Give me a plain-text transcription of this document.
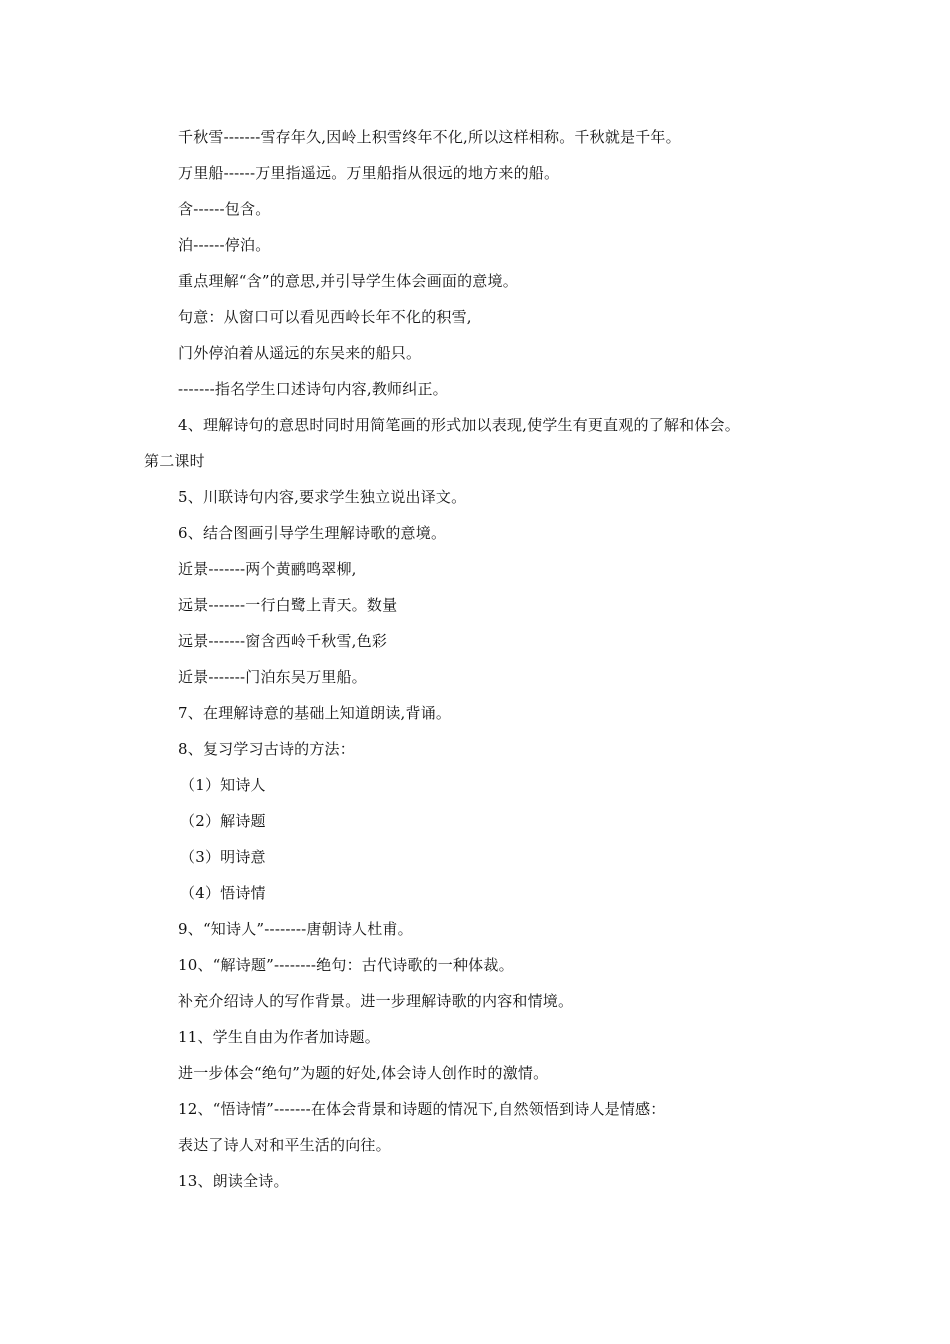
千秋雪-------雪存年久,因岭上积雪终年不化,所以这样相称。千秋就是千年。
万里船------万里指遥远。万里船指从很远的地方来的船。
含------包含。
泊------停泊。
重点理解“含”的意思,并引导学生体会画面的意境。
句意：从窗口可以看见西岭长年不化的积雪,
门外停泊着从遥远的东吴来的船只。
-------指名学生口述诗句内容,教师纠正。
4、理解诗句的意思时同时用简笔画的形式加以表现,使学生有更直观的了解和体会。
第二课时
5、川联诗句内容,要求学生独立说出译文。
6、结合图画引导学生理解诗歌的意境。
近景-------两个黄鹂鸣翠柳,
远景-------一行白鹭上青天。数量
远景-------窗含西岭千秋雪,色彩
近景-------门泊东吴万里船。
7、在理解诗意的基础上知道朗读,背诵。
8、复习学习古诗的方法：
（1）知诗人
（2）解诗题
（3）明诗意
（4）悟诗情
9、“知诗人”--------唐朝诗人杜甫。
10、“解诗题”--------绝句：古代诗歌的一种体裁。
补充介绍诗人的写作背景。进一步理解诗歌的内容和情境。
11、学生自由为作者加诗题。
进一步体会“绝句”为题的好处,体会诗人创作时的激情。
12、“悟诗情”-------在体会背景和诗题的情况下,自然领悟到诗人是情感：
表达了诗人对和平生活的向往。
13、朗读全诗。
